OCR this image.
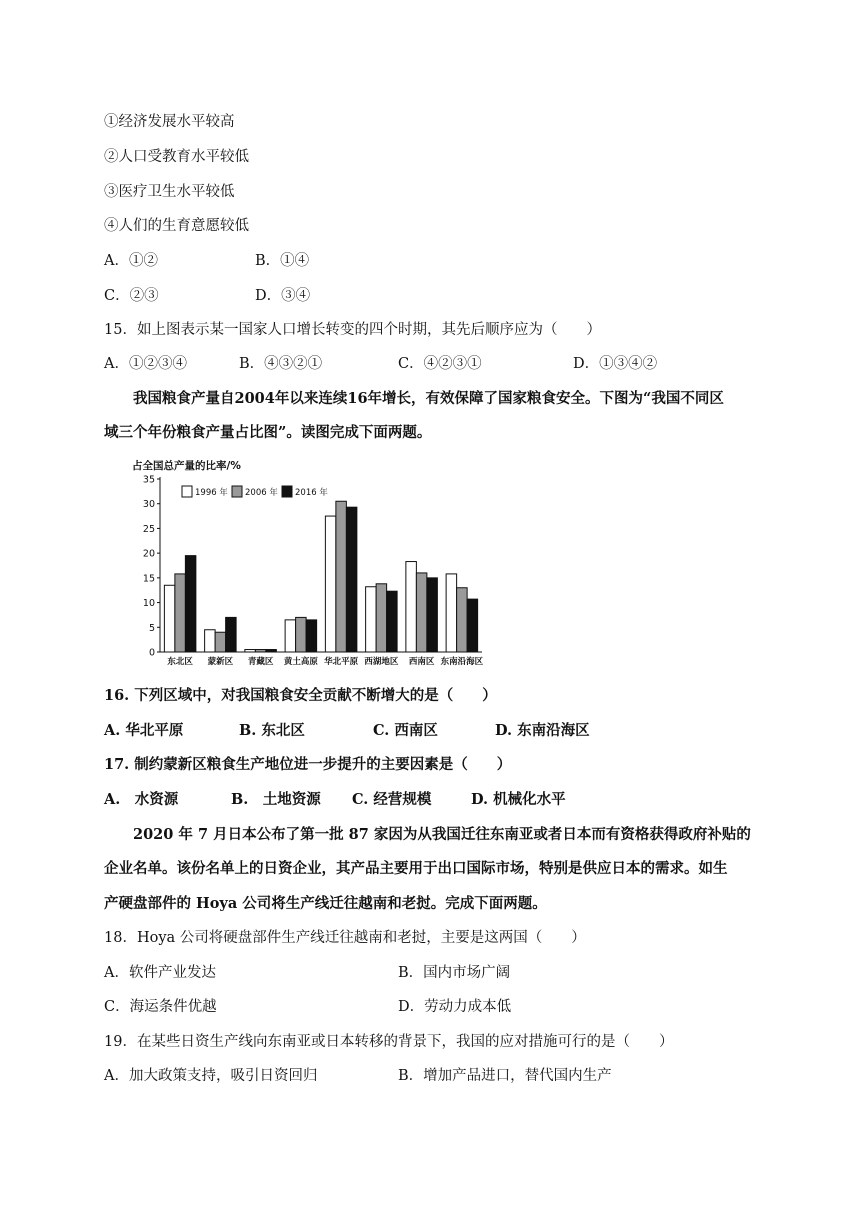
①经济发展水平较高
②人口受教育水平较低
③医疗卫生水平较低
④人们的生育意愿较低
A．①②	B．①④
C．②③	D．③④
15．如上图表示某一国家人口增长转变的四个时期，其先后顺序应为（　　）
A．①②③④	B．④③②①	C．④②③①	D．①③④②
我国粮食产量自2004年以来连续16年增长，有效保障了国家粮食安全。下图为“我国不同区
域三个年份粮食产量占比图”。读图完成下面两题。
占全国总产量的比率/%
0
5
10
15
20
25
30
35
东北区 蒙新区 青藏区 黄土高原 华北平原 西湖地区 西南区 东南沿海区
1996 年 2006 年 2016 年
16. 下列区域中，对我国粮食安全贡献不断增大的是（　　）
A. 华北平原	B. 东北区	C. 西南区	D. 东南沿海区
17. 制约蒙新区粮食生产地位进一步提升的主要因素是（　　）
A.　水资源	B.　土地资源 C. 经营规模	D. 机械化水平
2020 年 7 月日本公布了第一批 87 家因为从我国迁往东南亚或者日本而有资格获得政府补贴的
企业名单。该份名单上的日资企业，其产品主要用于出口国际市场，特别是供应日本的需求。如生
产硬盘部件的 Hoya 公司将生产线迁往越南和老挝。完成下面两题。
18．Hoya 公司将硬盘部件生产线迁往越南和老挝，主要是这两国（　　）
A．软件产业发达	B．国内市场广阔
C．海运条件优越	D．劳动力成本低
19．在某些日资生产线向东南亚或日本转移的背景下，我国的应对措施可行的是（　　）
A．加大政策支持，吸引日资回归	B．增加产品进口，替代国内生产
